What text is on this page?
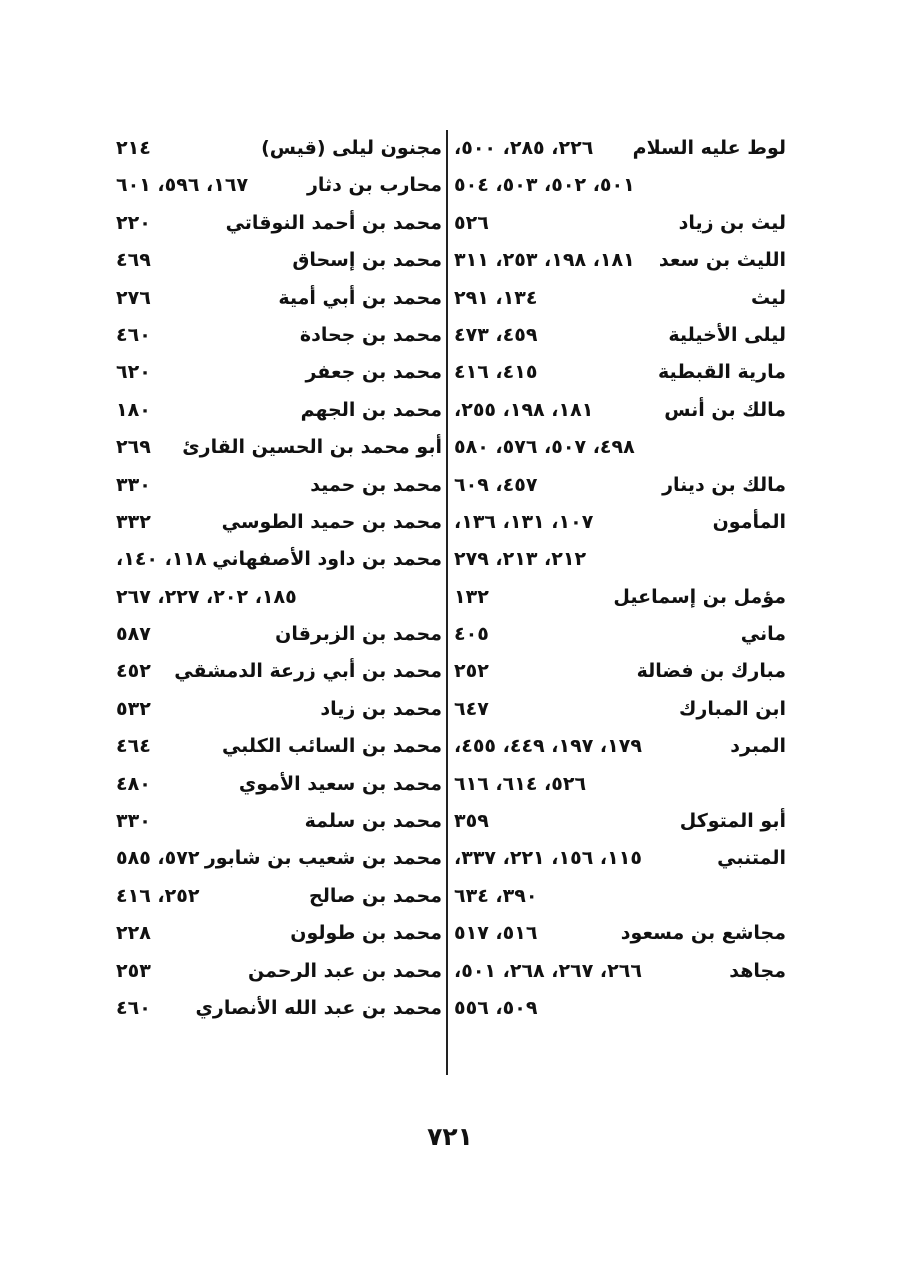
لوط عليه السلام
٢٢٦، ٢٨٥، ٥٠٠،
٥٠١، ٥٠٢، ٥٠٣، ٥٠٤
ليث بن زياد
٥٢٦
الليث بن سعد
١٨١، ١٩٨، ٢٥٣، ٣١١
ليث
١٣٤، ٢٩١
ليلى الأخيلية
٤٥٩، ٤٧٣
مارية القبطية
٤١٥، ٤١٦
مالك بن أنس
١٨١، ١٩٨، ٢٥٥،
٤٩٨، ٥٠٧، ٥٧٦، ٥٨٠
مالك بن دينار
٤٥٧، ٦٠٩
المأمون
١٠٧، ١٣١، ١٣٦،
٢١٢، ٢١٣، ٢٧٩
مؤمل بن إسماعيل
١٣٢
ماني
٤٠٥
مبارك بن فضالة
٢٥٢
ابن المبارك
٦٤٧
المبرد
١٧٩، ١٩٧، ٤٤٩، ٤٥٥،
٥٢٦، ٦١٤، ٦١٦
أبو المتوكل
٣٥٩
المتنبي
١١٥، ١٥٦، ٢٢١، ٣٣٧،
٣٩٠، ٦٣٤
مجاشع بن مسعود
٥١٦، ٥١٧
مجاهد
٢٦٦، ٢٦٧، ٢٦٨، ٥٠١،
٥٠٩، ٥٥٦
مجنون ليلى (قيس)
٢١٤
محارب بن دثار
١٦٧، ٥٩٦، ٦٠١
محمد بن أحمد النوقاتي
٢٢٠
محمد بن إسحاق
٤٦٩
محمد بن أبي أمية
٢٧٦
محمد بن جحادة
٤٦٠
محمد بن جعفر
٦٢٠
محمد بن الجهم
١٨٠
أبو محمد بن الحسين القارئ
٢٦٩
محمد بن حميد
٣٣٠
محمد بن حميد الطوسي
٣٣٢
محمد بن داود الأصفهاني
١١٨، ١٤٠،
١٨٥، ٢٠٢، ٢٢٧، ٢٦٧
محمد بن الزبرقان
٥٨٧
محمد بن أبي زرعة الدمشقي
٤٥٢
محمد بن زياد
٥٣٢
محمد بن السائب الكلبي
٤٦٤
محمد بن سعيد الأموي
٤٨٠
محمد بن سلمة
٣٣٠
محمد بن شعيب بن شابور
٥٧٢، ٥٨٥
محمد بن صالح
٢٥٢، ٤١٦
محمد بن طولون
٢٢٨
محمد بن عبد الرحمن
٢٥٣
محمد بن عبد الله الأنصاري
٤٦٠
٧٢١
